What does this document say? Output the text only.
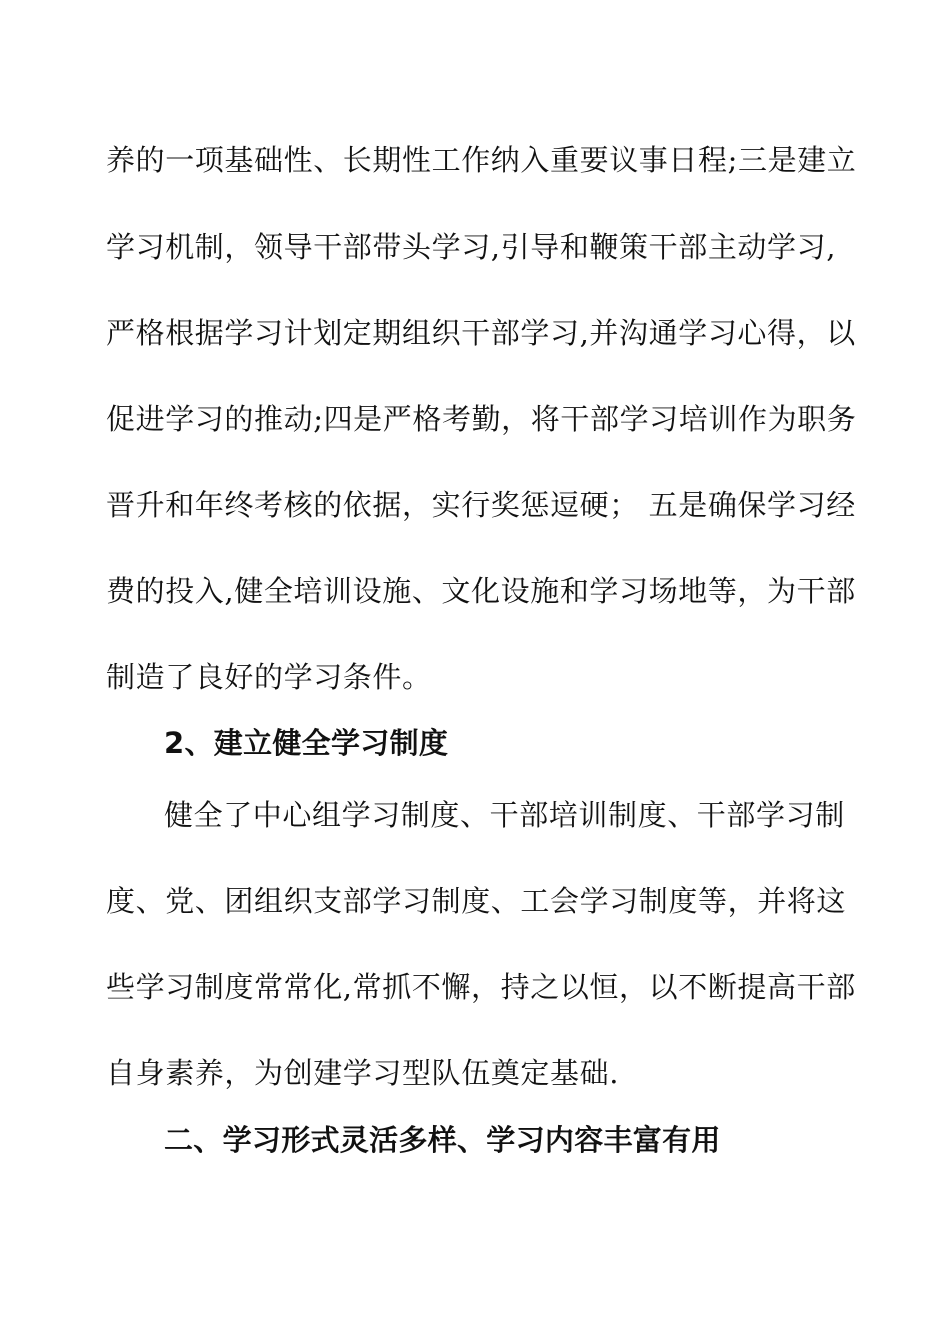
养的一项基础性、长期性工作纳入重要议事日程;三是建立
学习机制，领导干部带头学习,引导和鞭策干部主动学习,
严格根据学习计划定期组织干部学习,并沟通学习心得，以
促进学习的推动;四是严格考勤，将干部学习培训作为职务
晋升和年终考核的依据，实行奖惩逗硬； 五是确保学习经
费的投入,健全培训设施、文化设施和学习场地等，为干部
制造了良好的学习条件。
2、建立健全学习制度
健全了中心组学习制度、干部培训制度、干部学习制
度、党、团组织支部学习制度、工会学习制度等，并将这
些学习制度常常化,常抓不懈，持之以恒，以不断提高干部
自身素养，为创建学习型队伍奠定基础.
二、学习形式灵活多样、学习内容丰富有用
